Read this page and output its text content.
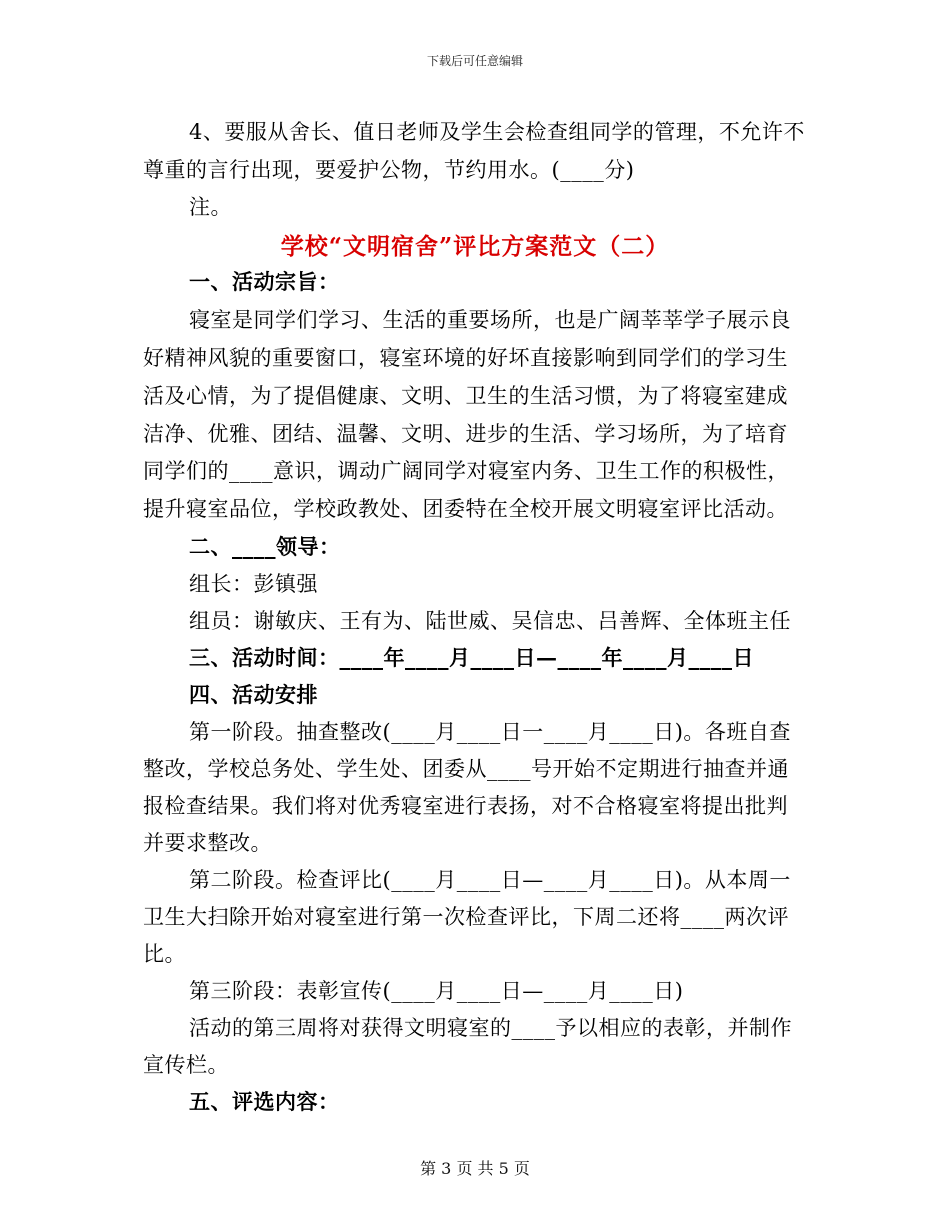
下载后可任意编辑
4、要服从舍长、值日老师及学生会检查组同学的管理，不允许不
尊重的言行出现，要爱护公物，节约用水。(____分)
注。
学校“文明宿舍”评比方案范文（二）
一、活动宗旨：
寝室是同学们学习、生活的重要场所，也是广阔莘莘学子展示良
好精神风貌的重要窗口，寝室环境的好坏直接影响到同学们的学习生
活及心情，为了提倡健康、文明、卫生的生活习惯，为了将寝室建成
洁净、优雅、团结、温馨、文明、进步的生活、学习场所，为了培育
同学们的____意识，调动广阔同学对寝室内务、卫生工作的积极性，
提升寝室品位，学校政教处、团委特在全校开展文明寝室评比活动。
二、____领导：
组长：彭镇强
组员：谢敏庆、王有为、陆世威、吴信忠、吕善辉、全体班主任
三、活动时间：____年____月____日—____年____月____日
四、活动安排
第一阶段。抽查整改(____月____日一____月____日)。各班自查
整改，学校总务处、学生处、团委从____号开始不定期进行抽查并通
报检查结果。我们将对优秀寝室进行表扬，对不合格寝室将提出批判
并要求整改。
第二阶段。检查评比(____月____日—____月____日)。从本周一
卫生大扫除开始对寝室进行第一次检查评比，下周二还将____两次评
比。
第三阶段：表彰宣传(____月____日—____月____日)
活动的第三周将对获得文明寝室的____予以相应的表彰，并制作
宣传栏。
五、评选内容：
第 3 页 共 5 页
